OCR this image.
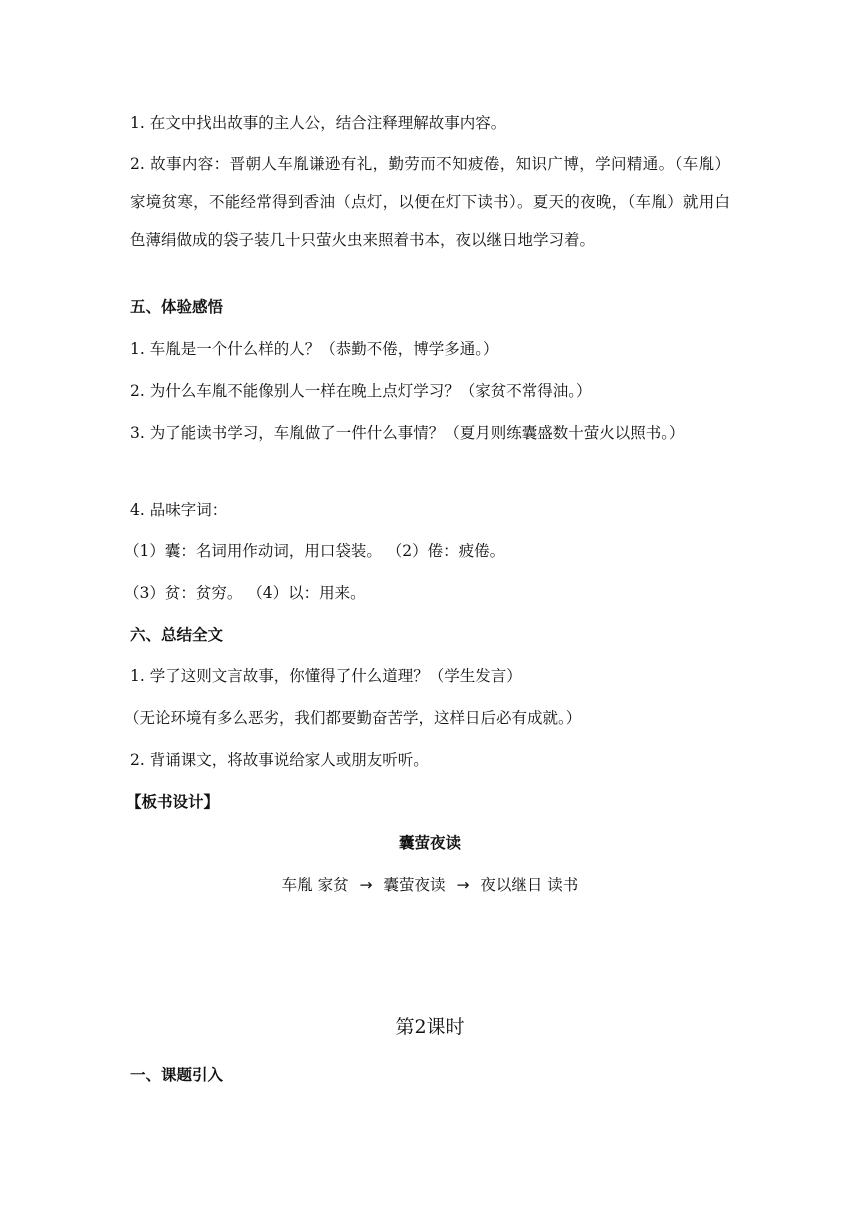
1. 在文中找出故事的主人公，结合注释理解故事内容。
2. 故事内容：晋朝人车胤谦逊有礼，勤劳而不知疲倦，知识广博，学问精通。（车胤）家境贫寒，不能经常得到香油（点灯，以便在灯下读书）。夏天的夜晚，（车胤）就用白色薄绢做成的袋子装几十只萤火虫来照着书本，夜以继日地学习着。
五、体验感悟
1. 车胤是一个什么样的人？（恭勤不倦，博学多通。）
2. 为什么车胤不能像别人一样在晚上点灯学习？（家贫不常得油。）
3. 为了能读书学习，车胤做了一件什么事情？（夏月则练囊盛数十萤火以照书。）
4. 品味字词：
（1）囊：名词用作动词，用口袋装。 （2）倦：疲倦。
（3）贫：贫穷。 （4）以：用来。
六、总结全文
1. 学了这则文言故事，你懂得了什么道理？（学生发言）
（无论环境有多么恶劣，我们都要勤奋苦学，这样日后必有成就。）
2. 背诵课文，将故事说给家人或朋友听听。
【板书设计】
囊萤夜读
车胤 家贫 → 囊萤夜读 → 夜以继日 读书
第2课时
一、课题引入
